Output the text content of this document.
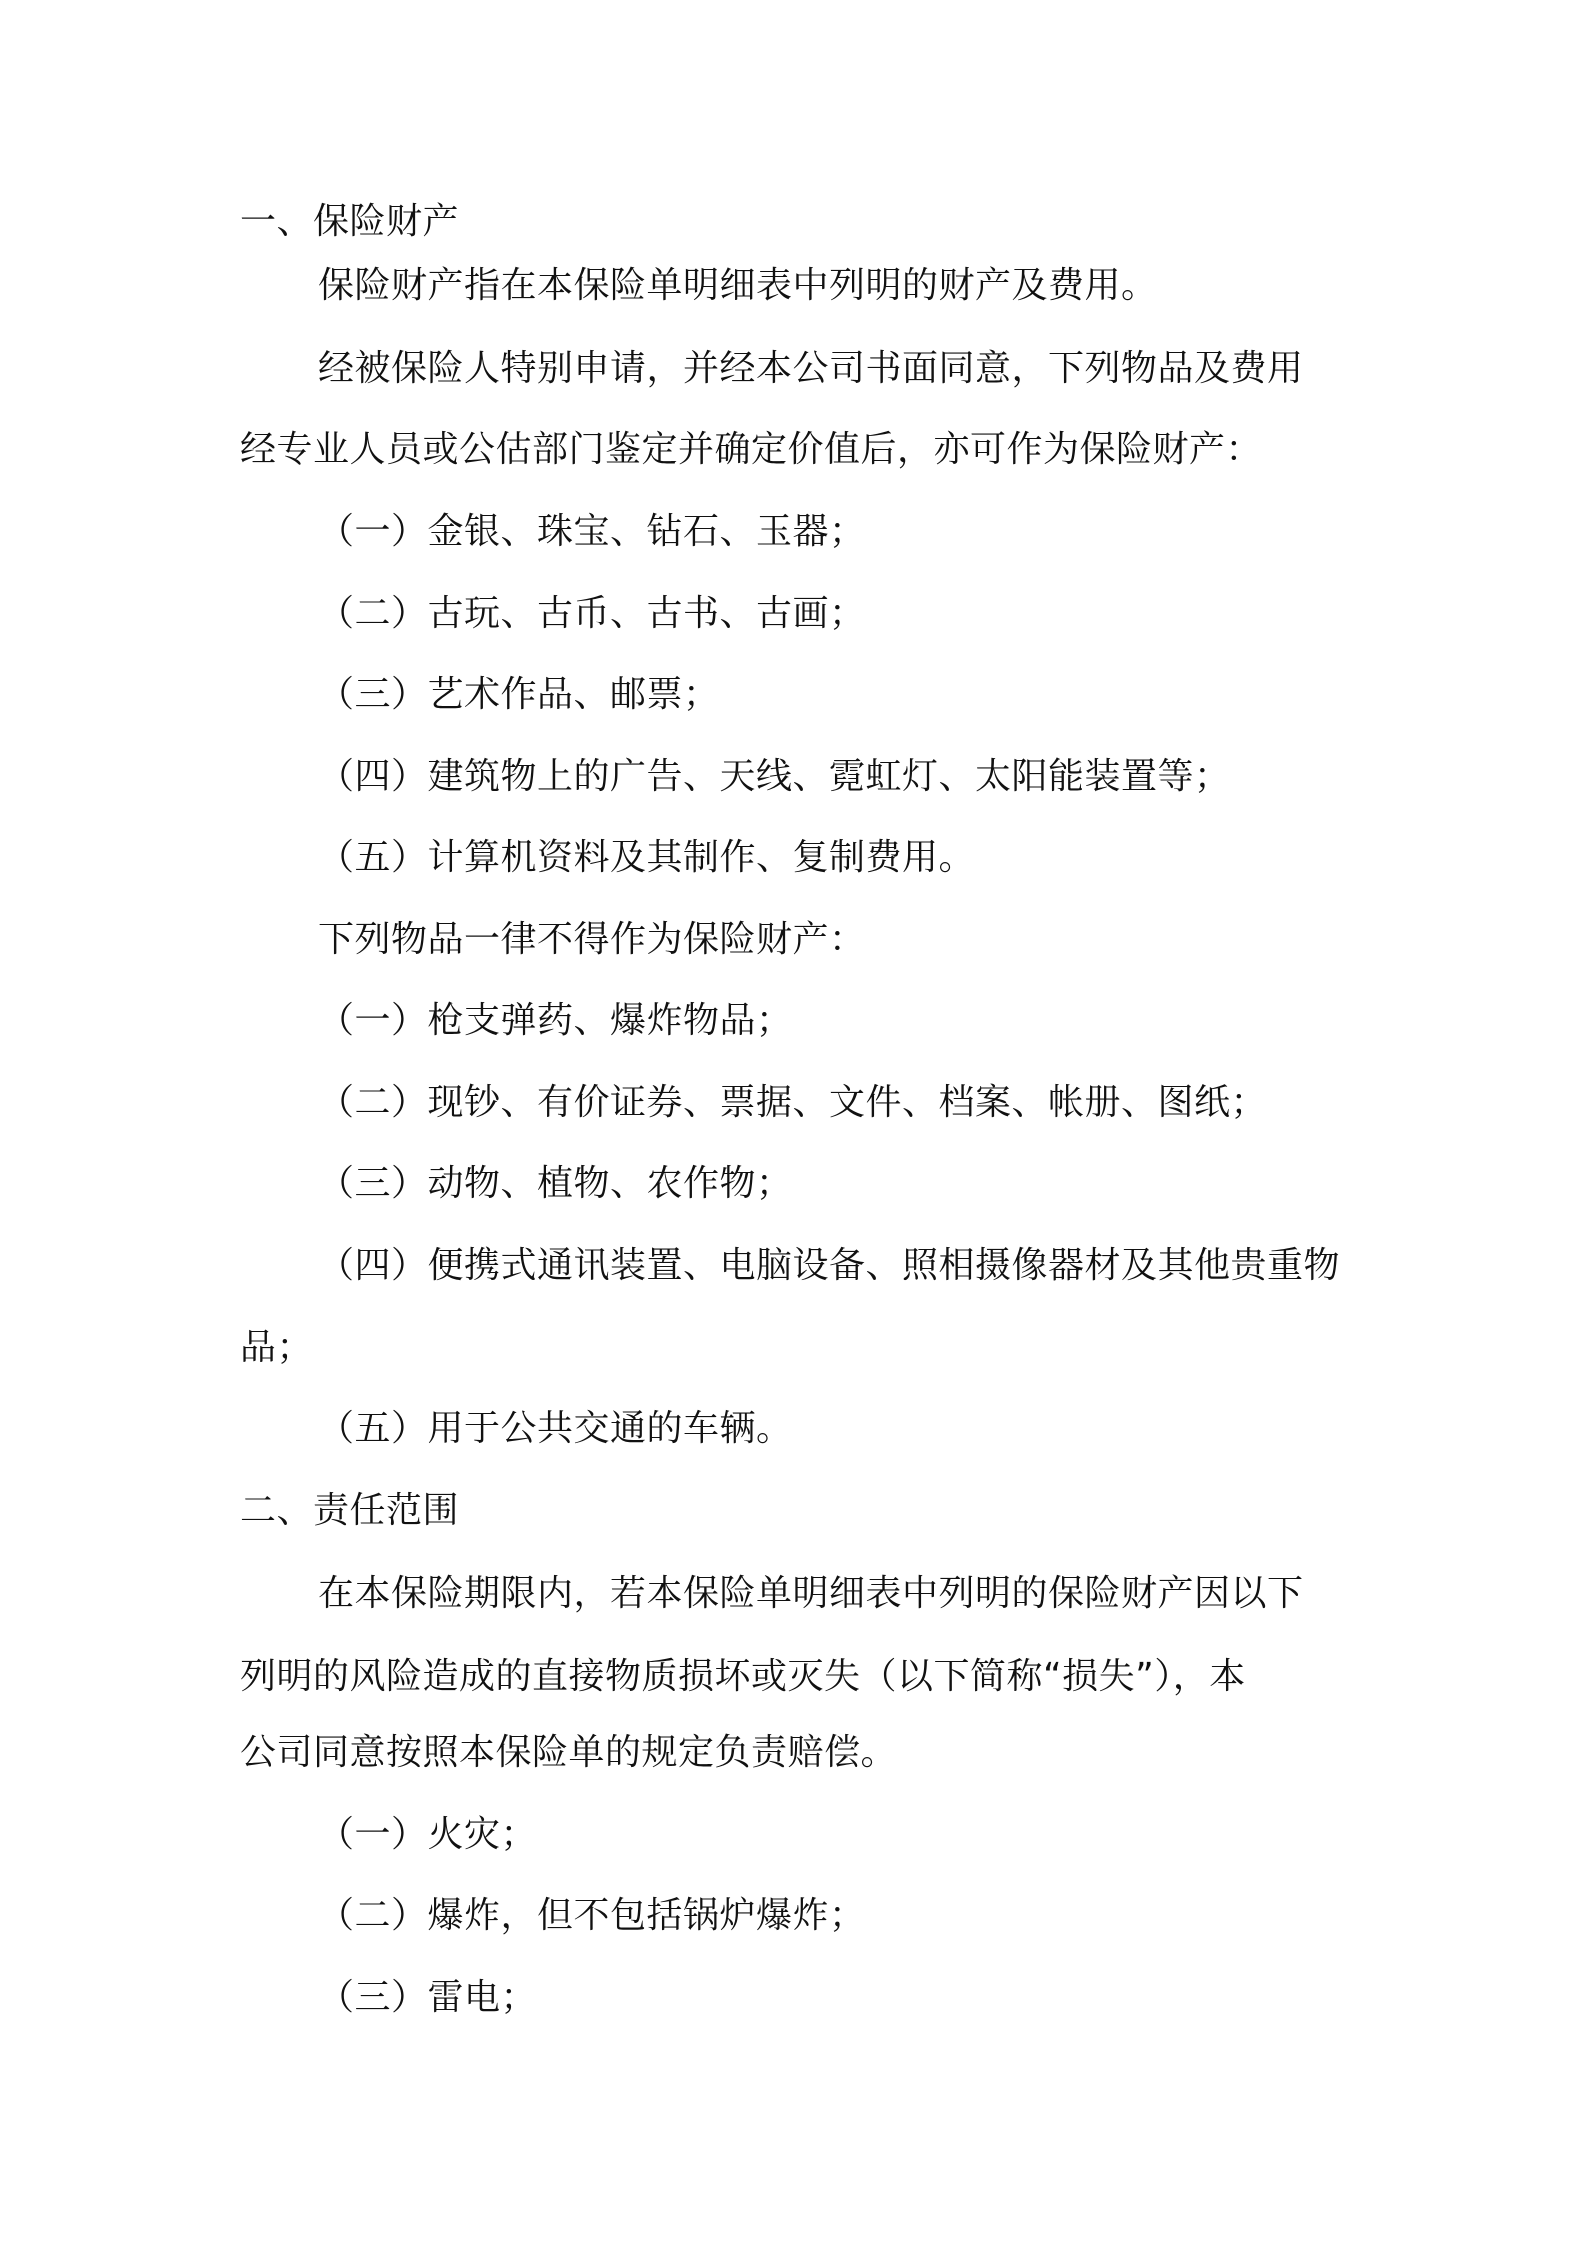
一、保险财产
保险财产指在本保险单明细表中列明的财产及费用。
经被保险人特别申请，并经本公司书面同意，下列物品及费用
经专业人员或公估部门鉴定并确定价值后，亦可作为保险财产：
（一）金银、珠宝、钻石、玉器；
（二）古玩、古币、古书、古画；
（三）艺术作品、邮票；
（四）建筑物上的广告、天线、霓虹灯、太阳能装置等；
（五）计算机资料及其制作、复制费用。
下列物品一律不得作为保险财产：
（一）枪支弹药、爆炸物品；
（二）现钞、有价证券、票据、文件、档案、帐册、图纸；
（三）动物、植物、农作物；
（四）便携式通讯装置、电脑设备、照相摄像器材及其他贵重物
品；
（五）用于公共交通的车辆。
二、责任范围
在本保险期限内，若本保险单明细表中列明的保险财产因以下
列明的风险造成的直接物质损坏或灭失（以下简称“损失”），本
公司同意按照本保险单的规定负责赔偿。
（一）火灾；
（二）爆炸，但不包括锅炉爆炸；
（三）雷电；
